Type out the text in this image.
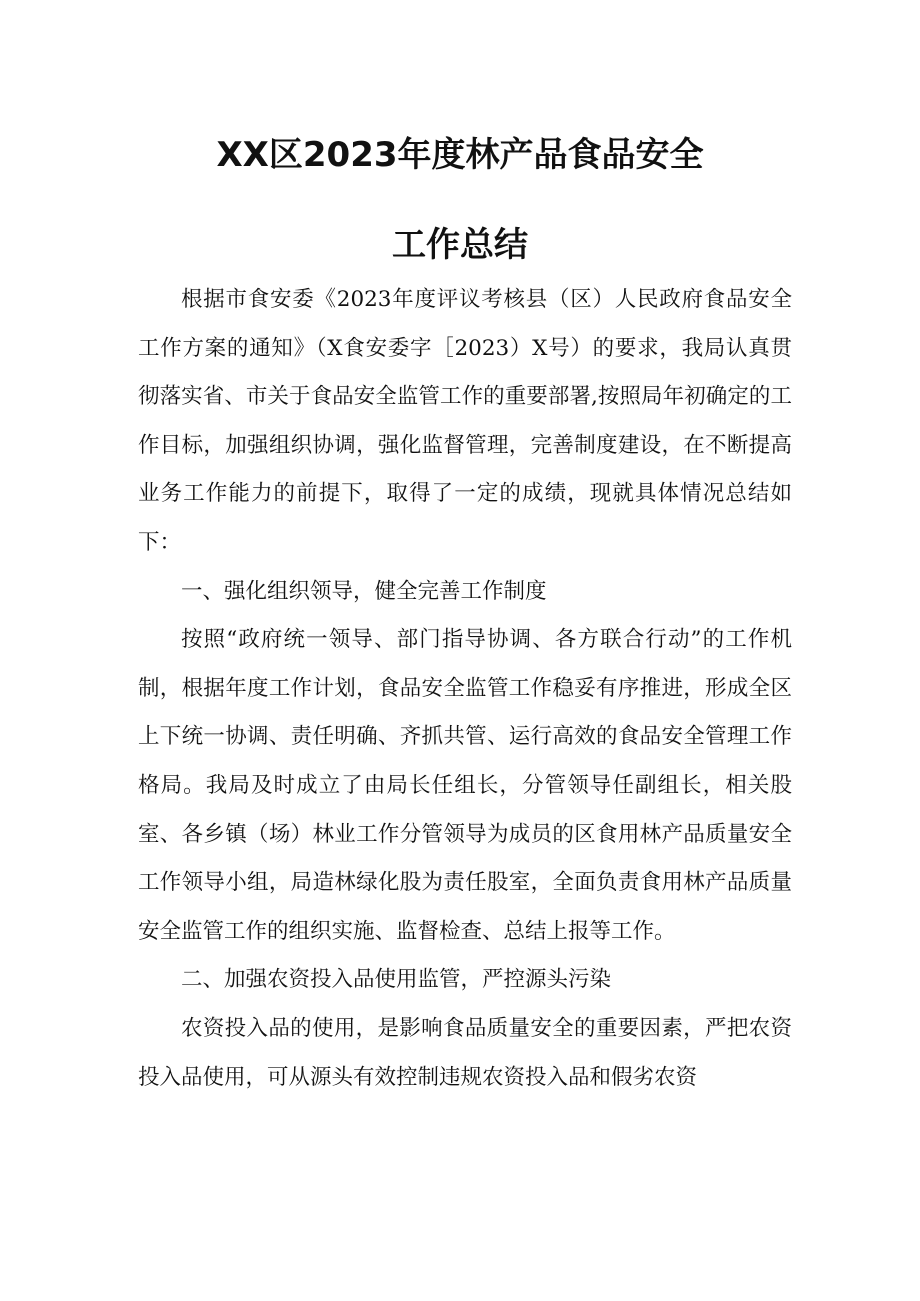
XX区2023年度林产品食品安全
工作总结

根据市食安委《2023年度评议考核县（区）人民政府食品安全工作方案的通知》（X食安委字［2023）X号）的要求，我局认真贯彻落实省、市关于食品安全监管工作的重要部署,按照局年初确定的工作目标，加强组织协调，强化监督管理，完善制度建设，在不断提高业务工作能力的前提下，取得了一定的成绩，现就具体情况总结如下：

一、强化组织领导，健全完善工作制度

按照“政府统一领导、部门指导协调、各方联合行动”的工作机制，根据年度工作计划，食品安全监管工作稳妥有序推进，形成全区上下统一协调、责任明确、齐抓共管、运行高效的食品安全管理工作格局。我局及时成立了由局长任组长，分管领导任副组长，相关股室、各乡镇（场）林业工作分管领导为成员的区食用林产品质量安全工作领导小组，局造林绿化股为责任股室，全面负责食用林产品质量安全监管工作的组织实施、监督检查、总结上报等工作。

二、加强农资投入品使用监管，严控源头污染

农资投入品的使用，是影响食品质量安全的重要因素，严把农资投入品使用，可从源头有效控制违规农资投入品和假劣农资
